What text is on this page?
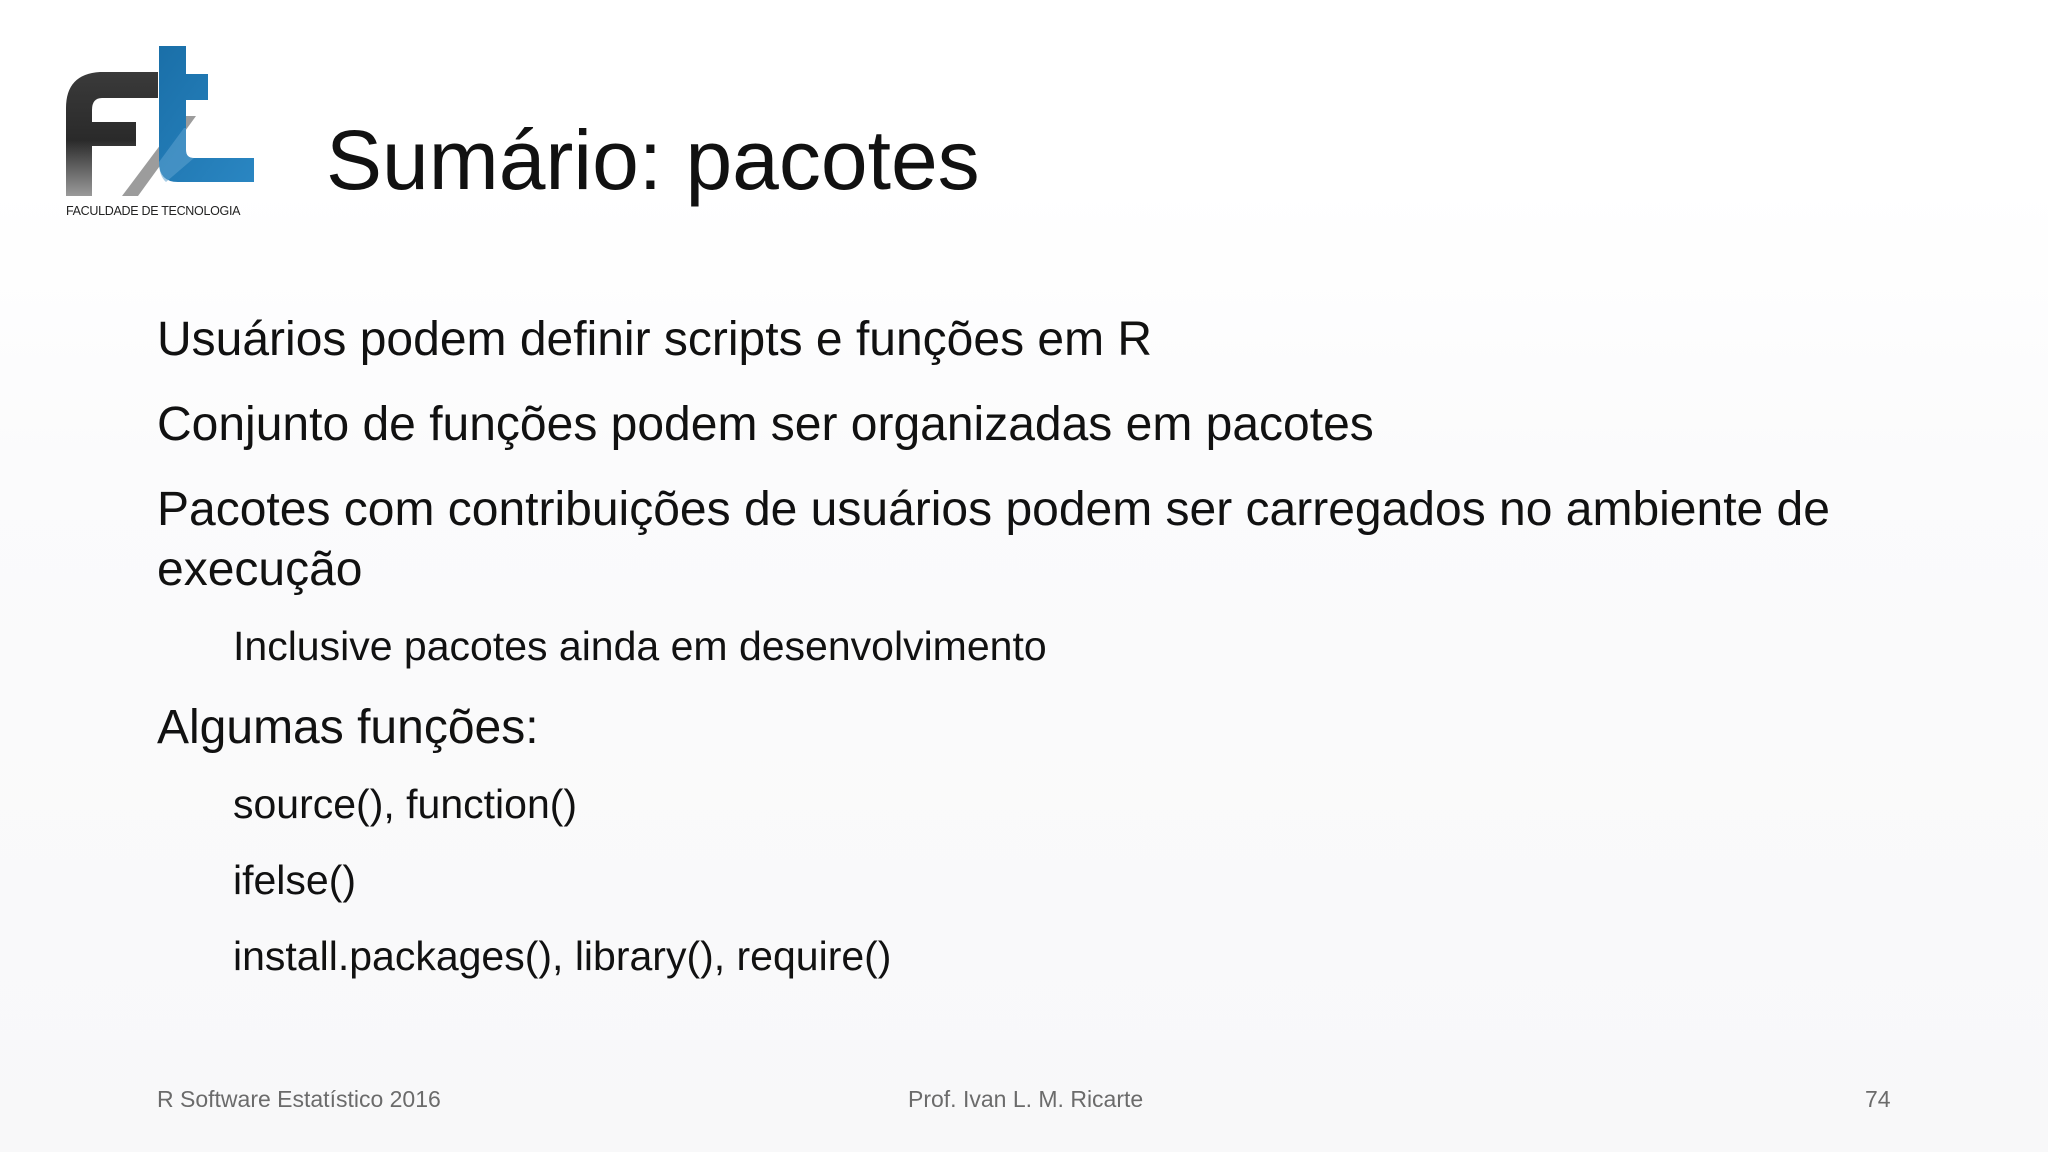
FACULDADE DE TECNOLOGIA
Sumário: pacotes
Usuários podem definir scripts e funções em R
Conjunto de funções podem ser organizadas em pacotes
Pacotes com contribuições de usuários podem ser carregados no ambiente de execução
Inclusive pacotes ainda em desenvolvimento
Algumas funções:
source(), function()
ifelse()
install.packages(), library(), require()
R Software Estatístico 2016	Prof. Ivan L. M. Ricarte	74
